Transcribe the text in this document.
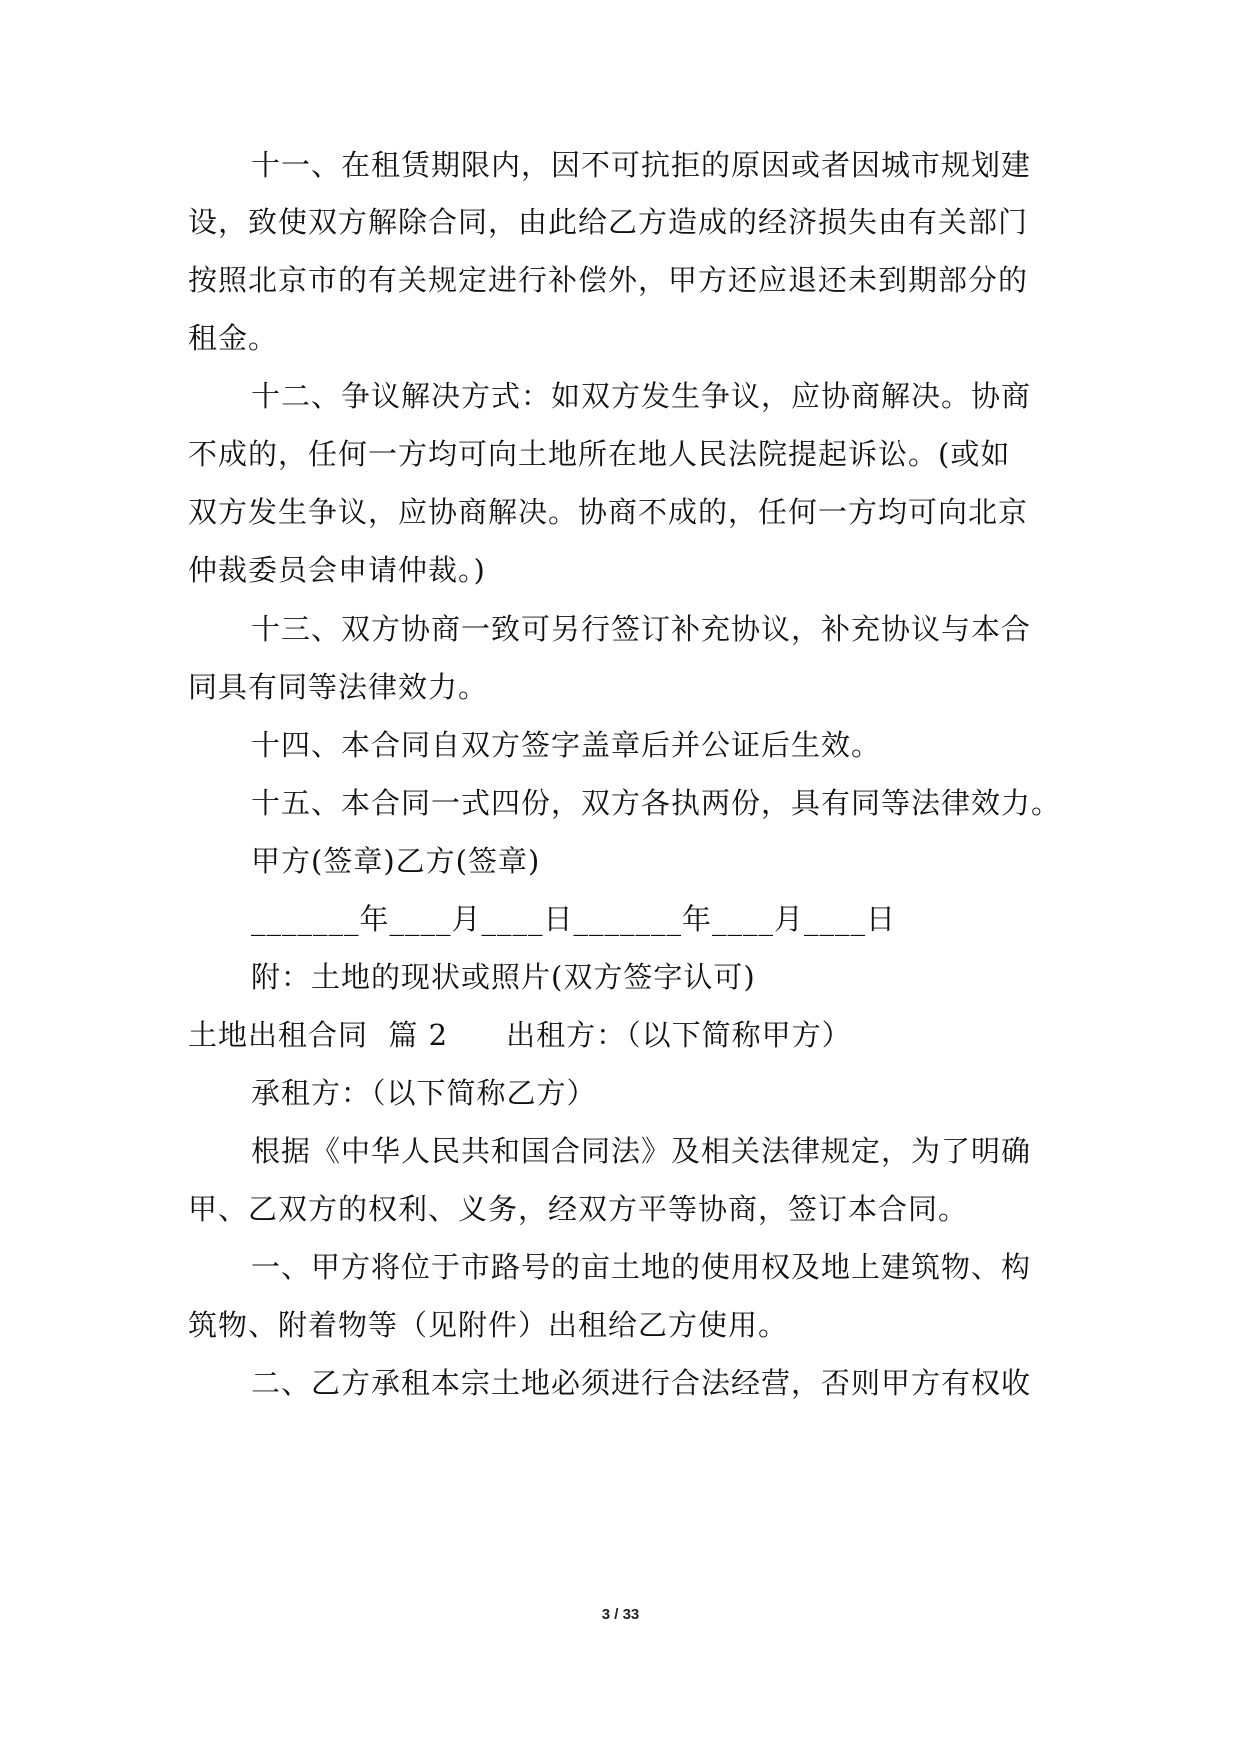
十一、在租赁期限内，因不可抗拒的原因或者因城市规划建
设，致使双方解除合同，由此给乙方造成的经济损失由有关部门
按照北京市的有关规定进行补偿外，甲方还应退还未到期部分的
租金。
十二、争议解决方式：如双方发生争议，应协商解决。协商
不成的，任何一方均可向土地所在地人民法院提起诉讼。(或如
双方发生争议，应协商解决。协商不成的，任何一方均可向北京
仲裁委员会申请仲裁。)
十三、双方协商一致可另行签订补充协议，补充协议与本合
同具有同等法律效力。
十四、本合同自双方签字盖章后并公证后生效。
十五、本合同一式四份，双方各执两份，具有同等法律效力。
甲方(签章)乙方(签章)
_______年____月____日_______年____月____日
附：土地的现状或照片(双方签字认可)
土地出租合同  篇 2 出租方：（以下简称甲方）
承租方：（以下简称乙方）
根据《中华人民共和国合同法》及相关法律规定，为了明确
甲、乙双方的权利、义务，经双方平等协商，签订本合同。
一、甲方将位于市路号的亩土地的使用权及地上建筑物、构
筑物、附着物等（见附件）出租给乙方使用。
二、乙方承租本宗土地必须进行合法经营，否则甲方有权收
3 / 33
